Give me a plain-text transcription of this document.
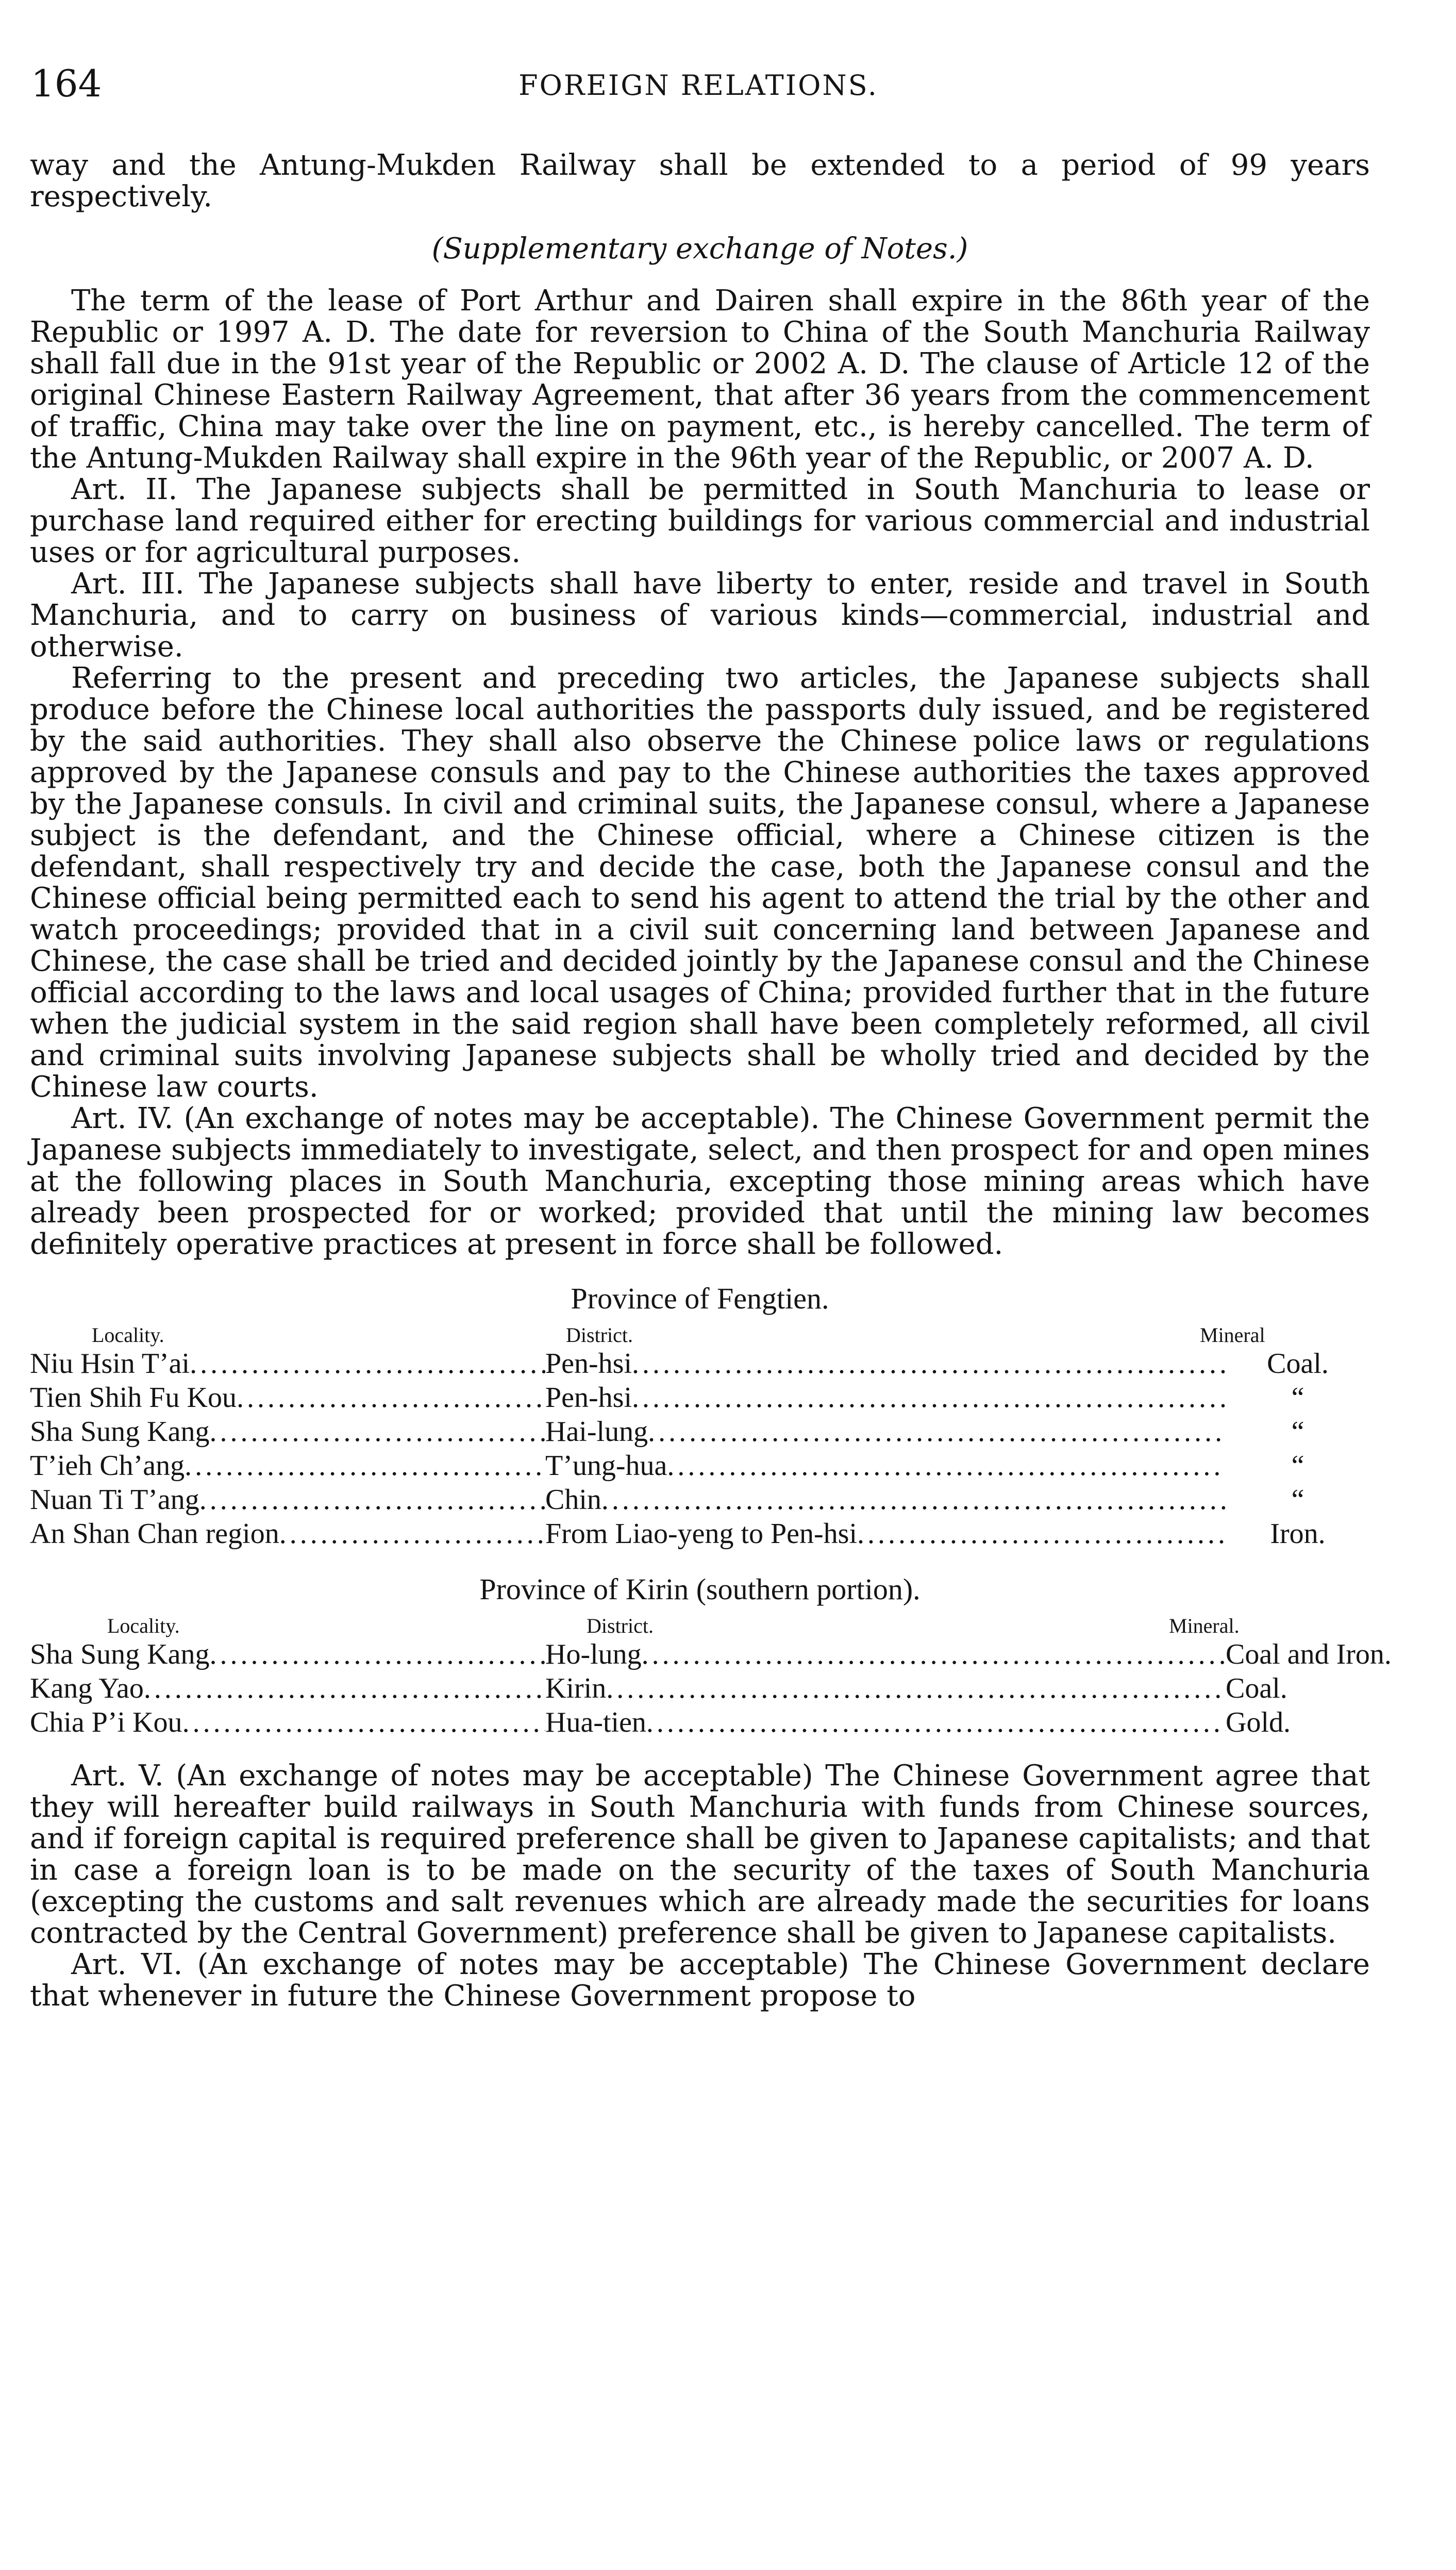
164	FOREIGN RELATIONS.

way and the Antung-Mukden Railway shall be extended to a period of 99 years respectively.

(Supplementary exchange of Notes.)

The term of the lease of Port Arthur and Dairen shall expire in the 86th year of the Republic or 1997 A. D. The date for reversion to China of the South Manchuria Railway shall fall due in the 91st year of the Republic or 2002 A. D. The clause of Article 12 of the original Chinese Eastern Railway Agreement, that after 36 years from the commencement of traffic, China may take over the line on payment, etc., is hereby cancelled. The term of the Antung-Mukden Railway shall expire in the 96th year of the Republic, or 2007 A. D.

Art. II. The Japanese subjects shall be permitted in South Manchuria to lease or purchase land required either for erecting buildings for various commercial and industrial uses or for agricultural purposes.

Art. III. The Japanese subjects shall have liberty to enter, reside and travel in South Manchuria, and to carry on business of various kinds—commercial, industrial and otherwise.

Referring to the present and preceding two articles, the Japanese subjects shall produce before the Chinese local authorities the passports duly issued, and be registered by the said authorities. They shall also observe the Chinese police laws or regulations approved by the Japanese consuls and pay to the Chinese authorities the taxes approved by the Japanese consuls. In civil and criminal suits, the Japanese consul, where a Japanese subject is the defendant, and the Chinese official, where a Chinese citizen is the defendant, shall respectively try and decide the case, both the Japanese consul and the Chinese official being permitted each to send his agent to attend the trial by the other and watch proceedings; provided that in a civil suit concerning land between Japanese and Chinese, the case shall be tried and decided jointly by the Japanese consul and the Chinese official according to the laws and local usages of China; provided further that in the future when the judicial system in the said region shall have been completely reformed, all civil and criminal suits involving Japanese subjects shall be wholly tried and decided by the Chinese law courts.

Art. IV. (An exchange of notes may be acceptable). The Chinese Government permit the Japanese subjects immediately to investigate, select, and then prospect for and open mines at the following places in South Manchuria, excepting those mining areas which have already been prospected for or worked; provided that until the mining law becomes definitely operative practices at present in force shall be followed.

Province of Fengtien.
Locality.	District.	Mineral
Niu Hsin T’ai .....	Pen-hsi .....	Coal.
Tien Shih Fu Kou .....	Pen-hsi .....	“
Sha Sung Kang .....	Hai-lung .....	“
T’ieh Ch’ang .....	T’ung-hua .....	“
Nuan Ti T’ang .....	Chin .....	“
An Shan Chan region .....	From Liao-yeng to Pen-hsi .....	Iron.
Province of Kirin (southern portion).
Locality.	District.	Mineral.
Sha Sung Kang .....	Ho-lung .....	Coal and Iron.
Kang Yao .....	Kirin .....	Coal.
Chia P’i Kou .....	Hua-tien .....	Gold.

Art. V. (An exchange of notes may be acceptable) The Chinese Government agree that they will hereafter build railways in South Manchuria with funds from Chinese sources, and if foreign capital is required preference shall be given to Japanese capitalists; and that in case a foreign loan is to be made on the security of the taxes of South Manchuria (excepting the customs and salt revenues which are already made the securities for loans contracted by the Central Government) preference shall be given to Japanese capitalists.

Art. VI. (An exchange of notes may be acceptable) The Chinese Government declare that whenever in future the Chinese Government propose to
